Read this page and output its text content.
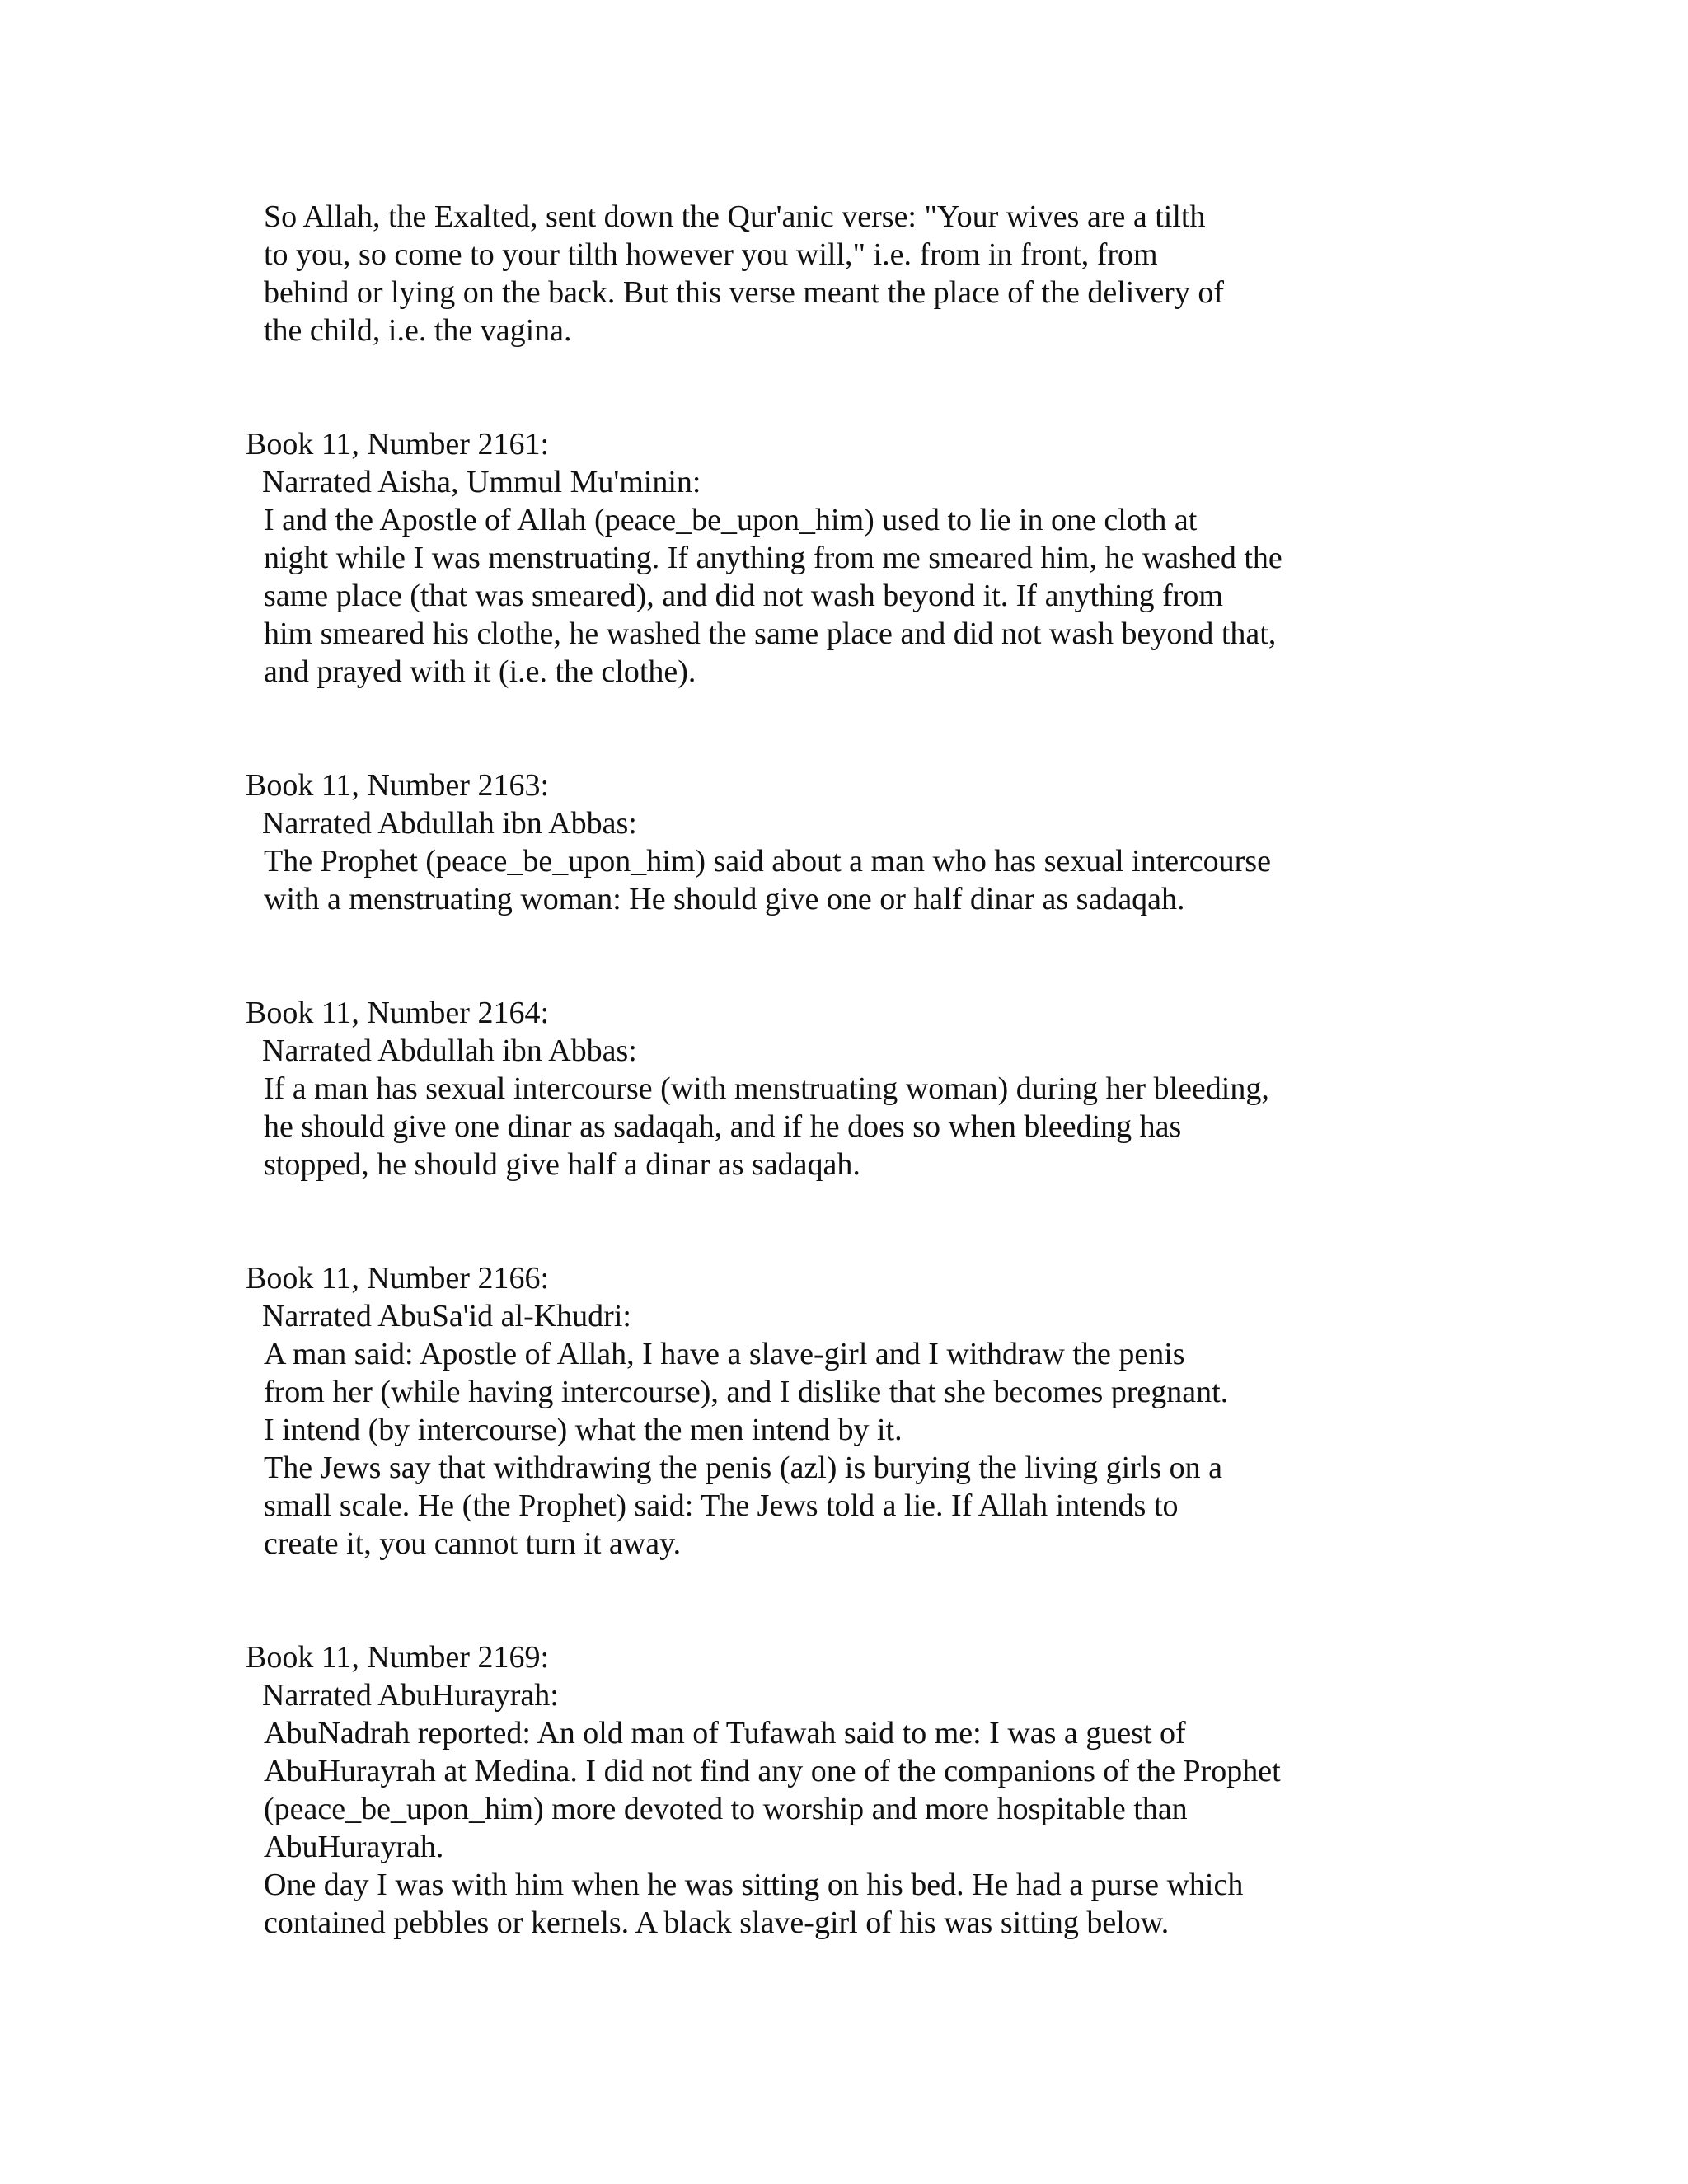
So Allah, the Exalted, sent down the Qur'anic verse: "Your wives are a tilth
to you, so come to your tilth however you will," i.e. from in front, from
behind or lying on the back. But this verse meant the place of the delivery of
the child, i.e. the vagina.
Book 11, Number 2161:
Narrated Aisha, Ummul Mu'minin:
I and the Apostle of Allah (peace_be_upon_him) used to lie in one cloth at
night while I was menstruating. If anything from me smeared him, he washed the
same place (that was smeared), and did not wash beyond it. If anything from
him smeared his clothe, he washed the same place and did not wash beyond that,
and prayed with it (i.e. the clothe).
Book 11, Number 2163:
Narrated Abdullah ibn Abbas:
The Prophet (peace_be_upon_him) said about a man who has sexual intercourse
with a menstruating woman: He should give one or half dinar as sadaqah.
Book 11, Number 2164:
Narrated Abdullah ibn Abbas:
If a man has sexual intercourse (with menstruating woman) during her bleeding,
he should give one dinar as sadaqah, and if he does so when bleeding has
stopped, he should give half a dinar as sadaqah.
Book 11, Number 2166:
Narrated AbuSa'id al-Khudri:
A man said: Apostle of Allah, I have a slave-girl and I withdraw the penis
from her (while having intercourse), and I dislike that she becomes pregnant.
I intend (by intercourse) what the men intend by it.
The Jews say that withdrawing the penis (azl) is burying the living girls on a
small scale. He (the Prophet) said: The Jews told a lie. If Allah intends to
create it, you cannot turn it away.
Book 11, Number 2169:
Narrated AbuHurayrah:
AbuNadrah reported: An old man of Tufawah said to me: I was a guest of
AbuHurayrah at Medina. I did not find any one of the companions of the Prophet
(peace_be_upon_him) more devoted to worship and more hospitable than
AbuHurayrah.
One day I was with him when he was sitting on his bed. He had a purse which
contained pebbles or kernels. A black slave-girl of his was sitting below.
